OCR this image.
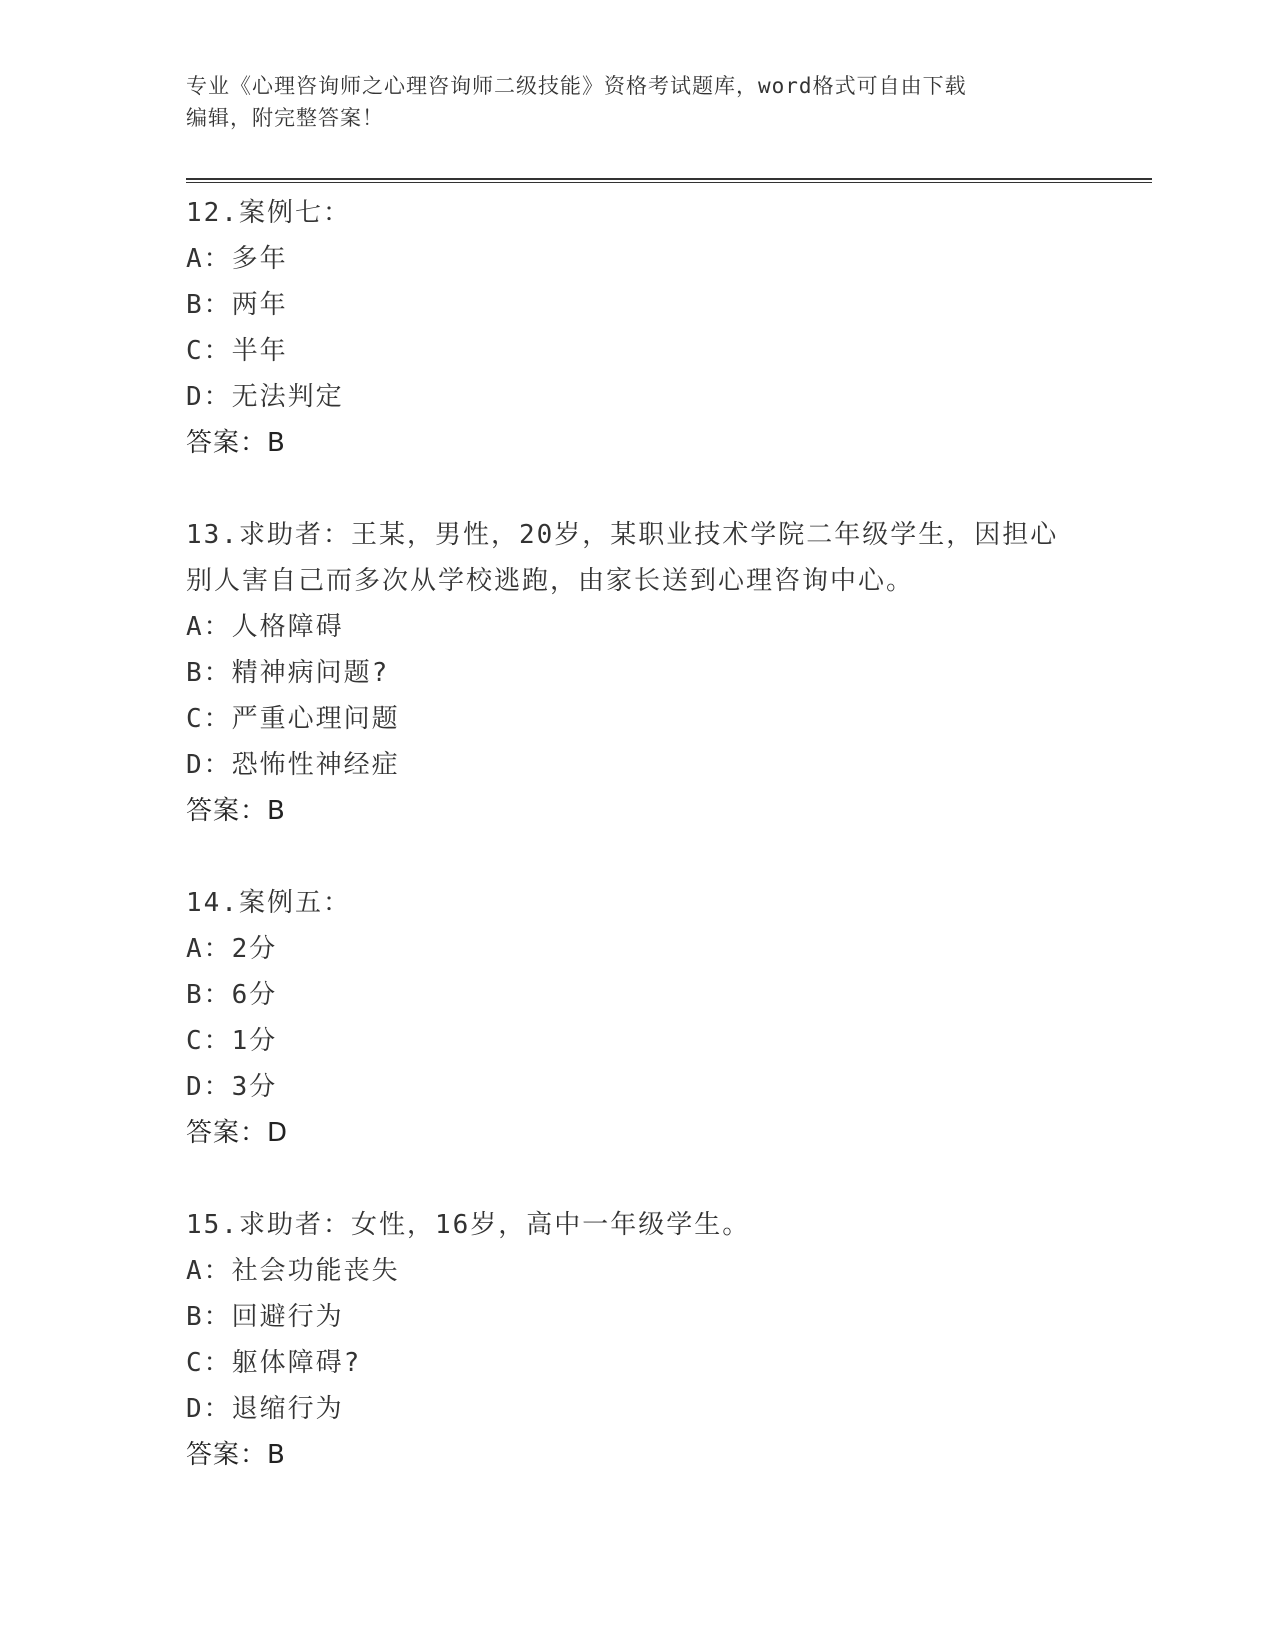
专业《心理咨询师之心理咨询师二级技能》资格考试题库，word格式可自由下载
编辑，附完整答案！
12.案例七：
A：多年
B：两年
C：半年
D：无法判定
答案：B
13.求助者：王某，男性，20岁，某职业技术学院二年级学生，因担心别人害自己而多次从学校逃跑，由家长送到心理咨询中心。
A：人格障碍
B：精神病问题?
C：严重心理问题
D：恐怖性神经症
答案：B
14.案例五：
A：2分
B：6分
C：1分
D：3分
答案：D
15.求助者：女性，16岁，高中一年级学生。
A：社会功能丧失
B：回避行为
C：躯体障碍?
D：退缩行为
答案：B
